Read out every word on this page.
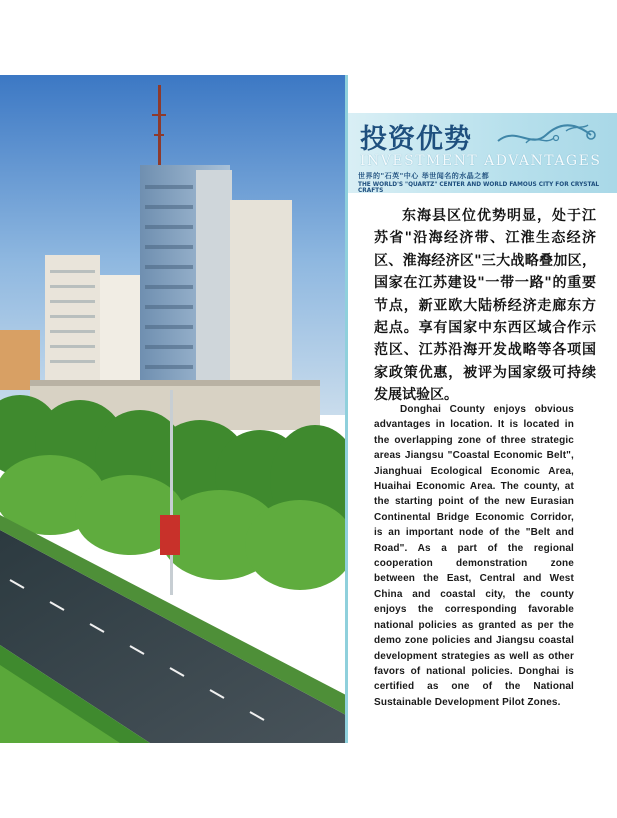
投资优势
INVESTMENT ADVANTAGES
世界的"石英"中心 举世闻名的水晶之都
THE WORLD'S "QUARTZ" CENTER AND WORLD FAMOUS CITY FOR CRYSTAL CRAFTS
东海县区位优势明显，处于江苏省"沿海经济带、江淮生态经济区、淮海经济区"三大战略叠加区，国家在江苏建设"一带一路"的重要节点，新亚欧大陆桥经济走廊东方起点。享有国家中东西区域合作示范区、江苏沿海开发战略等各项国家政策优惠，被评为国家级可持续发展试验区。
Donghai County enjoys obvious advantages in location. It is located in the overlapping zone of three strategic areas Jiangsu "Coastal Economic Belt", Jianghuai Ecological Economic Area, Huaihai Economic Area. The county, at the starting point of the new Eurasian Continental Bridge Economic Corridor, is an important node of the "Belt and Road". As a part of the regional cooperation demonstration zone between the East, Central and West China and coastal city, the county enjoys the corresponding favorable national policies as granted as per the demo zone policies and Jiangsu coastal development strategies as well as other favors of national policies. Donghai is certified as one of the National Sustainable Development Pilot Zones.
